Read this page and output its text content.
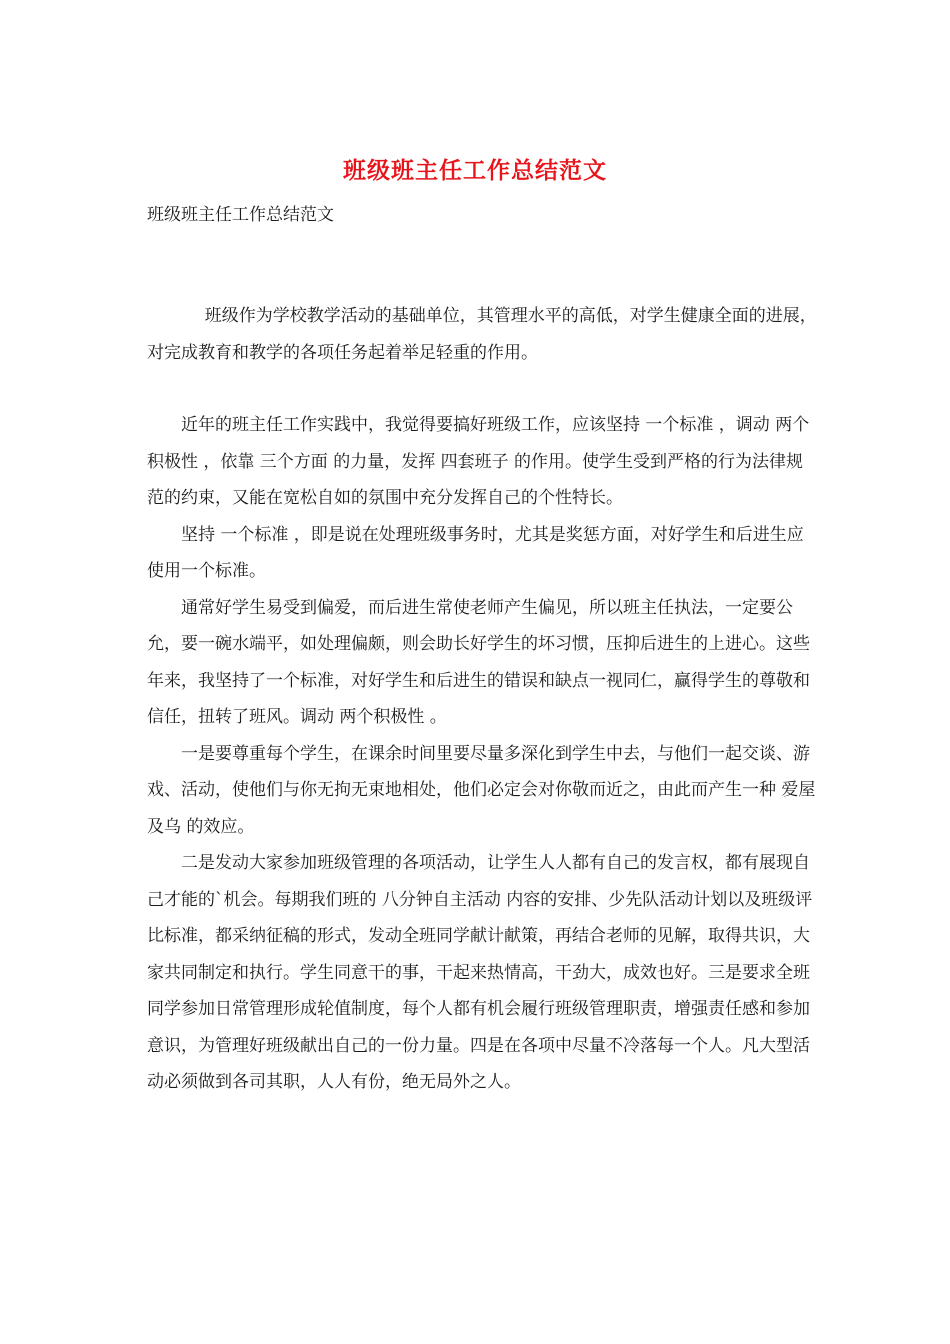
班级班主任工作总结范文
班级班主任工作总结范文

班级作为学校教学活动的基础单位，其管理水平的高低，对学生健康全面的进展，对完成教育和教学的各项任务起着举足轻重的作用。

近年的班主任工作实践中，我觉得要搞好班级工作，应该坚持 一个标准 ，调动 两个积极性 ，依靠 三个方面 的力量，发挥 四套班子 的作用。使学生受到严格的行为法律规范的约束，又能在宽松自如的氛围中充分发挥自己的个性特长。

坚持 一个标准 ，即是说在处理班级事务时，尤其是奖惩方面，对好学生和后进生应使用一个标准。

通常好学生易受到偏爱，而后进生常使老师产生偏见，所以班主任执法，一定要公允，要一碗水端平，如处理偏颇，则会助长好学生的坏习惯，压抑后进生的上进心。这些年来，我坚持了一个标准，对好学生和后进生的错误和缺点一视同仁，赢得学生的尊敬和信任，扭转了班风。调动 两个积极性 。

一是要尊重每个学生，在课余时间里要尽量多深化到学生中去，与他们一起交谈、游戏、活动，使他们与你无拘无束地相处，他们必定会对你敬而近之，由此而产生一种 爱屋及乌 的效应。

二是发动大家参加班级管理的各项活动，让学生人人都有自己的发言权，都有展现自己才能的`机会。每期我们班的 八分钟自主活动 内容的安排、少先队活动计划以及班级评比标准，都采纳征稿的形式，发动全班同学献计献策，再结合老师的见解，取得共识，大家共同制定和执行。学生同意干的事，干起来热情高，干劲大，成效也好。三是要求全班同学参加日常管理形成轮值制度，每个人都有机会履行班级管理职责，增强责任感和参加意识，为管理好班级献出自己的一份力量。四是在各项中尽量不冷落每一个人。凡大型活动必须做到各司其职，人人有份，绝无局外之人。
